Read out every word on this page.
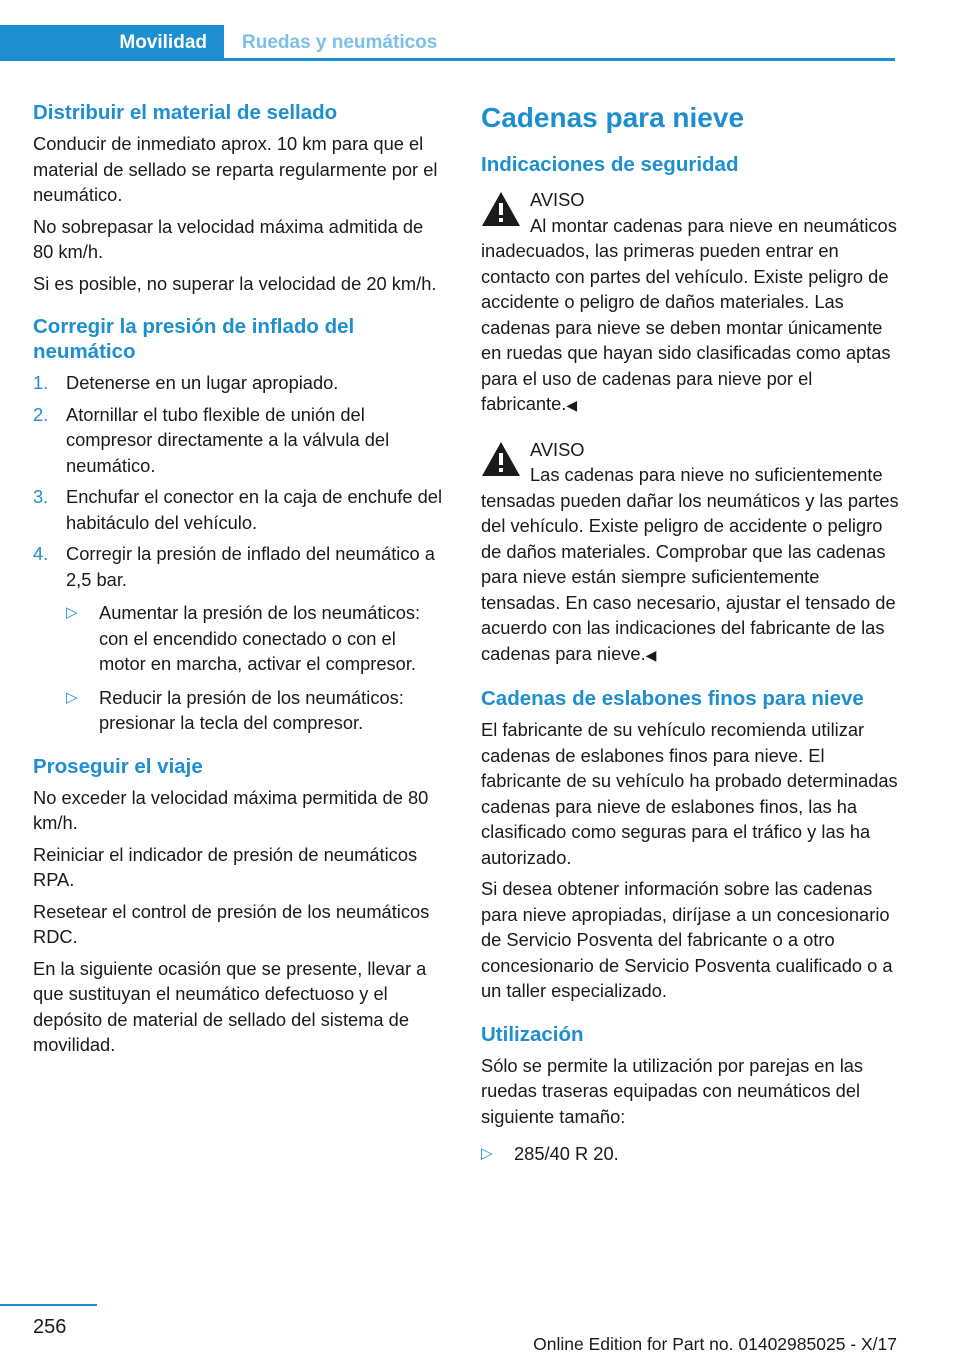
Movilidad	Ruedas y neumáticos
Distribuir el material de sellado
Conducir de inmediato aprox. 10 km para que el material de sellado se reparta regularmente por el neumático.
No sobrepasar la velocidad máxima admitida de 80 km/h.
Si es posible, no superar la velocidad de 20 km/h.
Corregir la presión de inflado del neumático
1. Detenerse en un lugar apropiado.
2. Atornillar el tubo flexible de unión del compresor directamente a la válvula del neumático.
3. Enchufar el conector en la caja de enchufe del habitáculo del vehículo.
4. Corregir la presión de inflado del neumático a 2,5 bar.
▷	Aumentar la presión de los neumáticos: con el encendido conectado o con el motor en marcha, activar el compresor.
▷	Reducir la presión de los neumáticos: presionar la tecla del compresor.
Proseguir el viaje
No exceder la velocidad máxima permitida de 80 km/h.
Reiniciar el indicador de presión de neumáticos RPA.
Resetear el control de presión de los neumáticos RDC.
En la siguiente ocasión que se presente, llevar a que sustituyan el neumático defectuoso y el depósito de material de sellado del sistema de movilidad.
Cadenas para nieve
Indicaciones de seguridad
AVISO
Al montar cadenas para nieve en neumáticos inadecuados, las primeras pueden entrar en contacto con partes del vehículo. Existe peligro de accidente o peligro de daños materiales. Las cadenas para nieve se deben montar únicamente en ruedas que hayan sido clasificadas como aptas para el uso de cadenas para nieve por el fabricante.◀
AVISO
Las cadenas para nieve no suficientemente tensadas pueden dañar los neumáticos y las partes del vehículo. Existe peligro de accidente o peligro de daños materiales. Comprobar que las cadenas para nieve están siempre suficientemente tensadas. En caso necesario, ajustar el tensado de acuerdo con las indicaciones del fabricante de las cadenas para nieve.◀
Cadenas de eslabones finos para nieve
El fabricante de su vehículo recomienda utilizar cadenas de eslabones finos para nieve. El fabricante de su vehículo ha probado determinadas cadenas para nieve de eslabones finos, las ha clasificado como seguras para el tráfico y las ha autorizado.
Si desea obtener información sobre las cadenas para nieve apropiadas, diríjase a un concesionario de Servicio Posventa del fabricante o a otro concesionario de Servicio Posventa cualificado o a un taller especializado.
Utilización
Sólo se permite la utilización por parejas en las ruedas traseras equipadas con neumáticos del siguiente tamaño:
▷	285/40 R 20.
256
Online Edition for Part no. 01402985025 - X/17
